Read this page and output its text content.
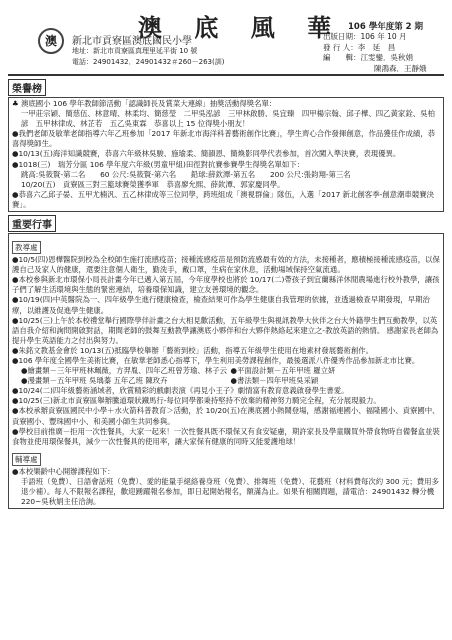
澳 底 風 華
澳	新北市貢寮區澳底國民小學
地址：新北市貢寮區真理里延平街 10 號
電話：24901432．24901432＃260－263(訓)
106 學年度第 2 期
出版日期：106 年 10 月
發 行 人：李　延　昌
編　　輯：江雯鑾．吳秋娟
陳鴻森．王靜娥
榮譽榜
♣ 澳底國小 106 學年教師節活動「認識師長及賞菜大連線」抽獎活動得獎名單：

一甲莊宗穎、簡慈伍、林意晴、林柔均、簡慈瑩　二甲吳泓諺　三甲林啟勝、吳宜臻　四甲楊宗翰、邱子樺、四乙黃家銓、吳柏諺　五甲林律成、林芷若　五乙吳東霖　恭喜以上 15 位得獎小朋友！

●我們老師及敏華老師指導六年乙班參加「2017 年新北市海洋科普藝術創作比賽」，學生齊心合作發揮創意，作品獲佳作成績，恭喜得獎師生。

●10/13(五)海洋知識競賽，恭喜六年級林吳駿、施瑜柔、簡韻恩、簡煥影同學代表參加，首次闖入準決賽，表現優異。

●1018(三)　瑞芳分區 106 學年度六年級(男童甲組)田徑對抗賽參賽學生得獎名單如下：

跳高:吳筱賢-第二名　　60 公尺:吳筱賢-第六名　　鉛球:薛欽潭-第五名　　200 公尺:張鈞翔-第三名

10/20(五)　貢寮區三對三籃球賽榮獲季軍　恭喜廖允熙、薛欽潭、郭家慶同學。

●恭喜六乙邱子晏、五甲尤楠汎、五乙林律成等三位同學，跨班組成「澳視群倫」隊伍，入選「2017 新北創客季-創意潮車競賽決賽」。

重要行事
教導處

●10/5(四)恩樺醫院到校為全校師生施打流感疫苗；接種流感疫苗是預防流感最有效的方法，未接種者，應積極接種流感疫苗，以保護自己及家人的健康，還要注意個人衛生，勤洗手，戴口罩，生病在家休息，活動場域保持空氣流通。

●本校參與新北市環保小局長計畫今年已邁入第五屆，今年度學校也將於 10/17(二)帶孩子到宜蘭縣洋休閒農場進行校外教學，讓孩子們了解生活環境與生態的緊密連結，培養環保知識，建立友善環境的觀念。

●10/19(四)中英醫院為一、四年級學生進行健康檢查，檢查結果可作為學生健康自我管理的依據，並透過檢查早期發現，早期治療，以維護及促進學生健康。

●10/25(三)上午於本校禮堂舉行國際學伴計畫之台大相見歡活動，五年級學生與視訊教學大伙伴之台大外籍學生們互動教學，以英語自我介紹和詢問開啟對話，期間老師的鼓舞互動教學讓澳底小夥伴和台大夥伴熱絡起來建立之-教放英語的熱情。 感謝家長老師為提升學生英語能力之付出與努力。

●朱銘文教基金會於 10/13(五)抵臨學校舉辦「藝術到校」活動，指導五年級學生使用在地素材發展藝術創作。

●106 學年度全國學生美術比賽，在敏華老師悉心指導下，學生利用美勞課程創作，最後選派八件優秀作品參加新北市比賽。

●繪畫類－三年甲班林珮薇，方羿胤、四年乙班曾芳瑜、林子云 ●平面設計類－五年甲班 羅立妍
●漫畫類－五年甲班 吳瑀蓁 五年乙班 陳玫卉	●書法類－四年甲班吳采穎

●10/24(二)四年級藝術涵域者，欣賞精彩的戲劇表演《再見小王子》劇情富有教育意義啟發學生書愛。

●10/25(三)新北市貢寮區舉辦騰道環狀鐵馬行-每位同學都秉持堅持不放棄的精神努力騎完全程，充分展現毅力。

●本校承辦貢寮區國民中小學＋水火箭科普教育＞活動，於 10/20(五)在澳底國小熱鬧登場，感謝福連國小、福隆國小、貢寮國中、貢寮國小、豐珠國中小、和美國小師生共同參與。

●學校目前推廣－拒用一次性餐具，大家一起來！一次性餐具既不環保又有食安疑慮，期許家長及學童購買外帶食物時自備餐盒並裝食物並使用環保餐具，減少一次性餐具的使用率，讓大家保有健康的同時又能愛護地球！

輔導處

●本校樂齡中心開辦課程如下：

手語班（免費）、日語會話班（免費）、愛的能量手絕絡養身班（免費）、排舞班（免費）、花藝班（材料費每次約 300 元；費用多退少補）。每人不限報名課程，歡迎踴躍報名參加，即日起開始報名，額滿為止。如果有相關問題，請電洽：24901432 轉分機 220~吳秋娟主任洽詢。
